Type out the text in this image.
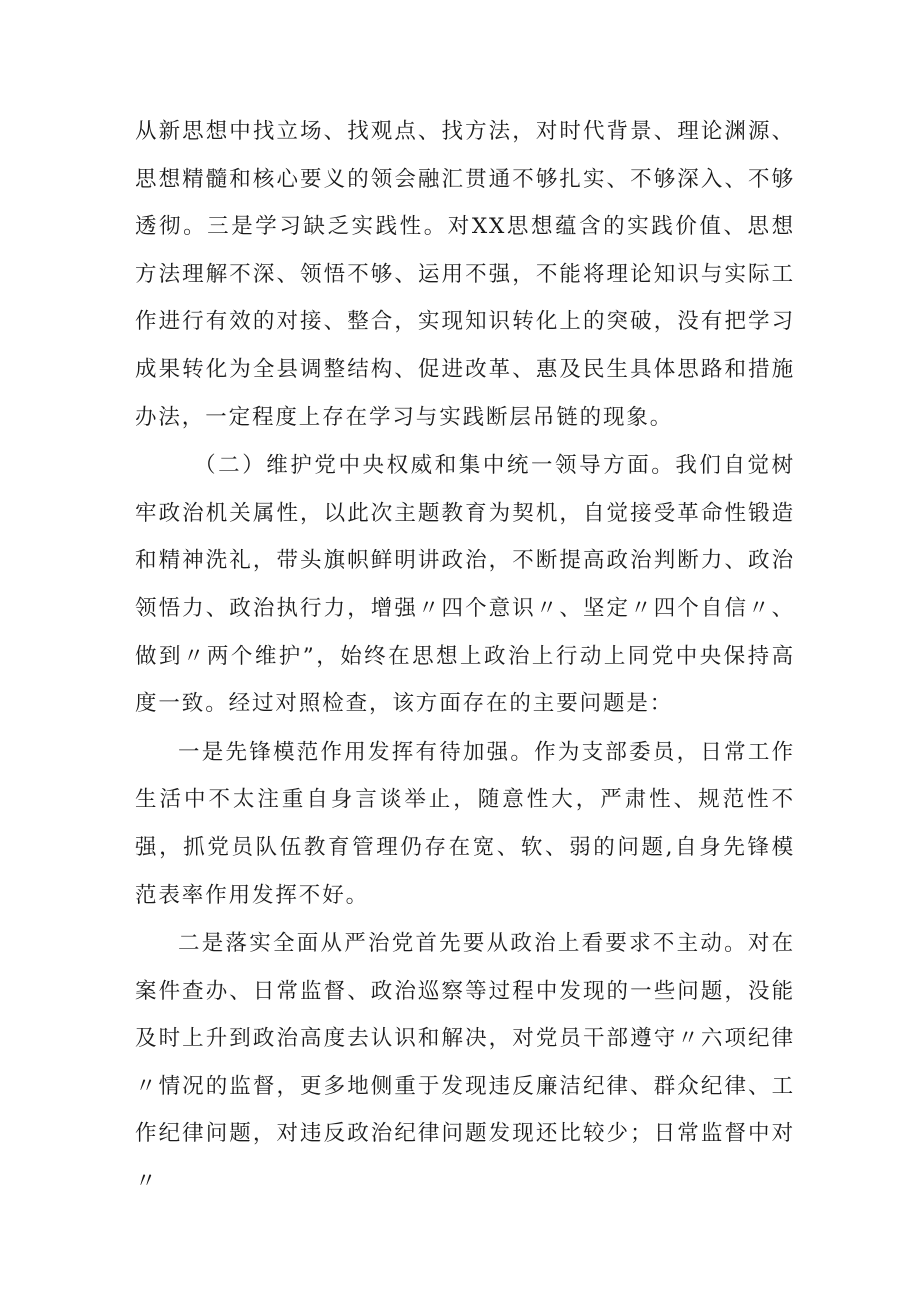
从新思想中找立场、找观点、找方法，对时代背景、理论渊源、思想精髓和核心要义的领会融汇贯通不够扎实、不够深入、不够透彻。三是学习缺乏实践性。对XX思想蕴含的实践价值、思想方法理解不深、领悟不够、运用不强，不能将理论知识与实际工作进行有效的对接、整合，实现知识转化上的突破，没有把学习成果转化为全县调整结构、促进改革、惠及民生具体思路和措施办法，一定程度上存在学习与实践断层吊链的现象。

（二）维护党中央权威和集中统一领导方面。我们自觉树牢政治机关属性，以此次主题教育为契机，自觉接受革命性锻造和精神洗礼，带头旗帜鲜明讲政治，不断提高政治判断力、政治领悟力、政治执行力，增强〃四个意识〃、坚定〃四个自信〃、做到〃两个维护”，始终在思想上政治上行动上同党中央保持高度一致。经过对照检查，该方面存在的主要问题是：

一是先锋模范作用发挥有待加强。作为支部委员，日常工作生活中不太注重自身言谈举止，随意性大，严肃性、规范性不强，抓党员队伍教育管理仍存在宽、软、弱的问题,自身先锋模范表率作用发挥不好。

二是落实全面从严治党首先要从政治上看要求不主动。对在案件查办、日常监督、政治巡察等过程中发现的一些问题，没能及时上升到政治高度去认识和解决，对党员干部遵守〃六项纪律〃情况的监督，更多地侧重于发现违反廉洁纪律、群众纪律、工作纪律问题，对违反政治纪律问题发现还比较少；日常监督中对〃
